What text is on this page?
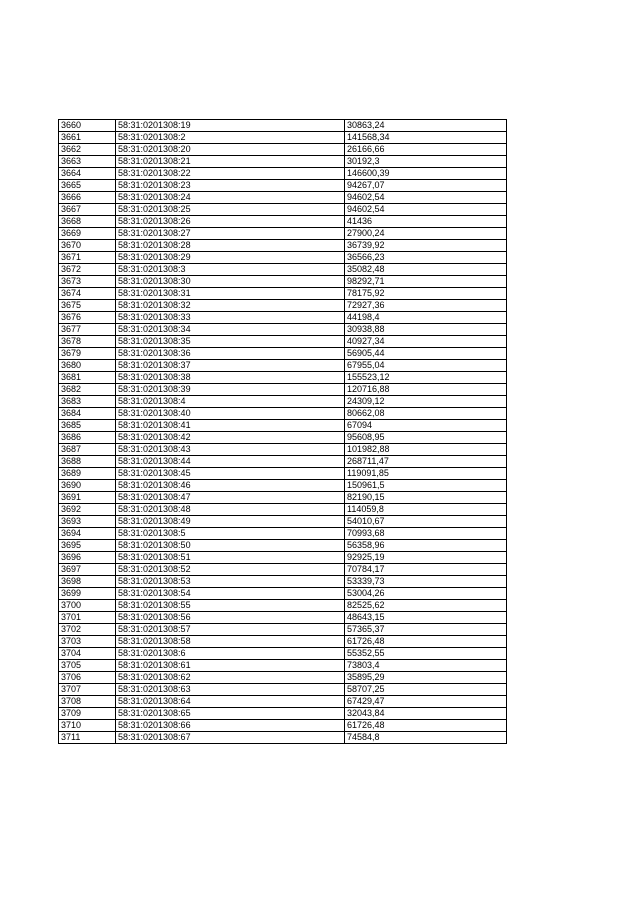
3660	58:31:0201308:19	30863,24
3661	58:31:0201308:2	141568,34
3662	58:31:0201308:20	26166,66
3663	58:31:0201308:21	30192,3
3664	58:31:0201308:22	146600,39
3665	58:31:0201308:23	94267,07
3666	58:31:0201308:24	94602,54
3667	58:31:0201308:25	94602,54
3668	58:31:0201308:26	41436
3669	58:31:0201308:27	27900,24
3670	58:31:0201308:28	36739,92
3671	58:31:0201308:29	36566,23
3672	58:31:0201308:3	35082,48
3673	58:31:0201308:30	98292,71
3674	58:31:0201308:31	78175,92
3675	58:31:0201308:32	72927,36
3676	58:31:0201308:33	44198,4
3677	58:31:0201308:34	30938,88
3678	58:31:0201308:35	40927,34
3679	58:31:0201308:36	56905,44
3680	58:31:0201308:37	67955,04
3681	58:31:0201308:38	155523,12
3682	58:31:0201308:39	120716,88
3683	58:31:0201308:4	24309,12
3684	58:31:0201308:40	80662,08
3685	58:31:0201308:41	67094
3686	58:31:0201308:42	95608,95
3687	58:31:0201308:43	101982,88
3688	58:31:0201308:44	268711,47
3689	58:31:0201308:45	119091,85
3690	58:31:0201308:46	150961,5
3691	58:31:0201308:47	82190,15
3692	58:31:0201308:48	114059,8
3693	58:31:0201308:49	54010,67
3694	58:31:0201308:5	70993,68
3695	58:31:0201308:50	56358,96
3696	58:31:0201308:51	92925,19
3697	58:31:0201308:52	70784,17
3698	58:31:0201308:53	53339,73
3699	58:31:0201308:54	53004,26
3700	58:31:0201308:55	82525,62
3701	58:31:0201308:56	48643,15
3702	58:31:0201308:57	57365,37
3703	58:31:0201308:58	61726,48
3704	58:31:0201308:6	55352,55
3705	58:31:0201308:61	73803,4
3706	58:31:0201308:62	35895,29
3707	58:31:0201308:63	58707,25
3708	58:31:0201308:64	67429,47
3709	58:31:0201308:65	32043,84
3710	58:31:0201308:66	61726,48
3711	58:31:0201308:67	74584,8
